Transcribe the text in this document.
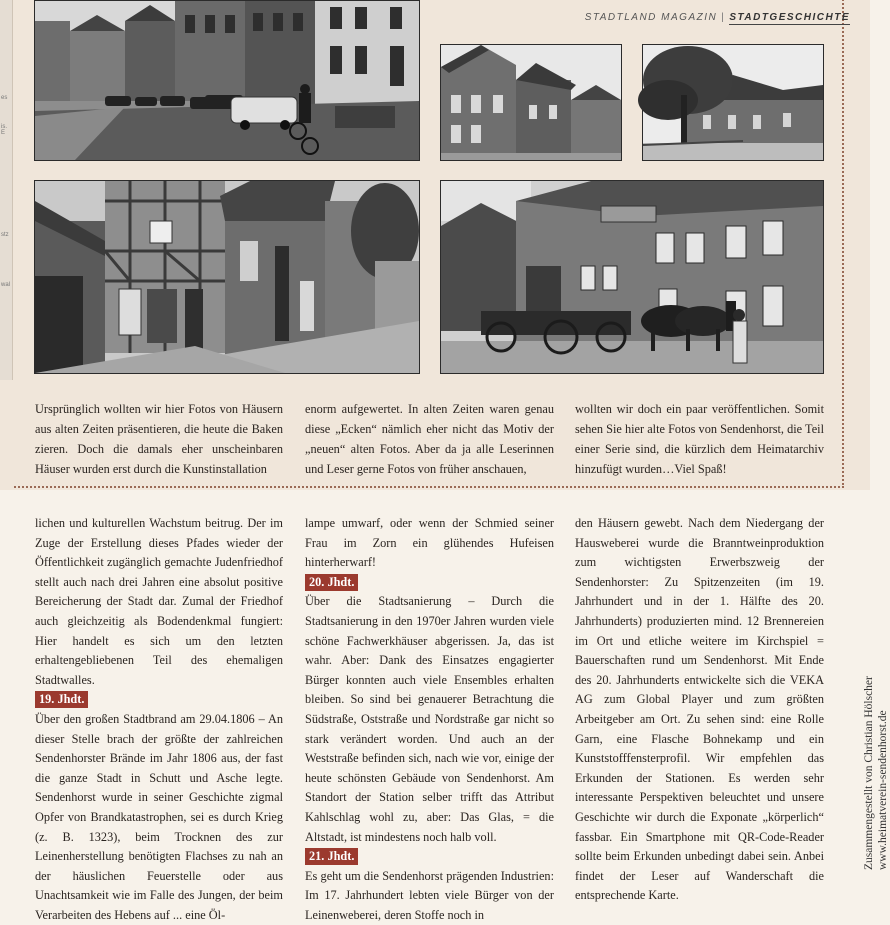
es
is. E
stz
wal
STADTLAND MAGAZIN | STADTGESCHICHTE
Ursprünglich wollten wir hier Fotos von Häusern aus alten Zeiten präsentieren, die heute die Baken zieren. Doch die damals eher unscheinbaren Häuser wurden erst durch die Kunstinstallation
enorm aufgewertet. In alten Zeiten waren genau diese „Ecken“ nämlich eher nicht das Motiv der „neuen“ alten Fotos. Aber da ja alle Leserinnen und Leser gerne Fotos von früher anschauen,
wollten wir doch ein paar veröffentlichen. Somit sehen Sie hier alte Fotos von Sendenhorst, die Teil einer Serie sind, die kürzlich dem Heimatarchiv hinzufügt wurden…Viel Spaß!

lichen und kulturellen Wachstum beitrug. Der im Zuge der Erstellung dieses Pfades wieder der Öffentlichkeit zugänglich gemachte Judenfriedhof stellt auch nach drei Jahren eine absolut positive Bereicherung der Stadt dar. Zumal der Friedhof auch gleichzeitig als Bodendenkmal fungiert: Hier handelt es sich um den letzten erhaltengebliebenen Teil des ehemaligen Stadtwalles.

19. Jhdt.

Über den großen Stadtbrand am 29.04.1806 – An dieser Stelle brach der größte der zahlreichen Sendenhorster Brände im Jahr 1806 aus, der fast die ganze Stadt in Schutt und Asche legte. Sendenhorst wurde in seiner Geschichte zigmal Opfer von Brandkatastrophen, sei es durch Krieg (z. B. 1323), beim Trocknen des zur Leinenherstellung benötigten Flachses zu nah an der häuslichen Feuerstelle oder aus Unachtsamkeit wie im Falle des Jungen, der beim Verarbeiten des Hebens auf ... eine Öl-

lampe umwarf, oder wenn der Schmied seiner Frau im Zorn ein glühendes Hufeisen hinterherwarf!

20. Jhdt.

Über die Stadtsanierung – Durch die Stadtsanierung in den 1970er Jahren wurden viele schöne Fachwerkhäuser abgerissen. Ja, das ist wahr. Aber: Dank des Einsatzes engagierter Bürger konnten auch viele Ensembles erhalten bleiben. So sind bei genauerer Betrachtung die Südstraße, Oststraße und Nordstraße gar nicht so stark verändert worden. Und auch an der Weststraße befinden sich, nach wie vor, einige der heute schönsten Gebäude von Sendenhorst. Am Standort der Station selber trifft das Attribut Kahlschlag wohl zu, aber: Das Glas, = die Altstadt, ist mindestens noch halb voll.

21. Jhdt.

Es geht um die Sendenhorst prägenden Industrien: Im 17. Jahrhundert lebten viele Bürger von der Leinenweberei, deren Stoffe noch in

den Häusern gewebt. Nach dem Niedergang der Hausweberei wurde die Branntweinproduktion zum wichtigsten Erwerbszweig der Sendenhorster: Zu Spitzenzeiten (im 19. Jahrhundert und in der 1. Hälfte des 20. Jahrhunderts) produzierten mind. 12 Brennereien im Ort und etliche weitere im Kirchspiel = Bauerschaften rund um Sendenhorst. Mit Ende des 20. Jahrhunderts entwickelte sich die VEKA AG zum Global Player und zum größten Arbeitgeber am Ort. Zu sehen sind: eine Rolle Garn, eine Flasche Bohnekamp und ein Kunststofffensterprofil. Wir empfehlen das Erkunden der Stationen. Es werden sehr interessante Perspektiven beleuchtet und unsere Geschichte wir durch die Exponate „körperlich“ fassbar. Ein Smartphone mit QR-Code-Reader sollte beim Erkunden unbedingt dabei sein. Anbei findet der Leser auf Wanderschaft die entsprechende Karte.

Zusammengestellt von Christian Hölscher www.heimatverein-sendenhorst.de
